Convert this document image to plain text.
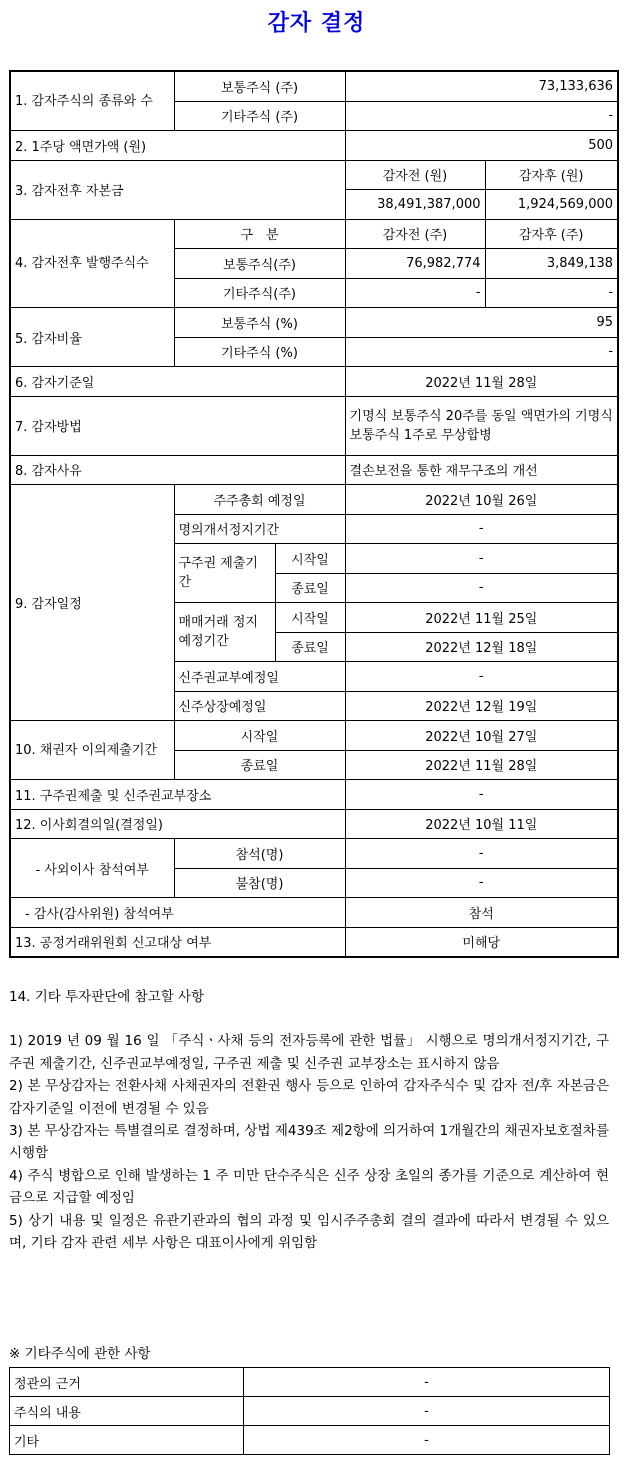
감자 결정
1. 감자주식의 종류와 수	보통주식 (주)		73,133,636	
	기타주식 (주)		-	
2. 1주당 액면가액 (원)			500	
3. 감자전후 자본금			감자전 (원)	감자후 (원)
			38,491,387,000	1,924,569,000
4. 감자전후 발행주식수	구　분		감자전 (주)	감자후 (주)
	보통주식(주)		76,982,774	3,849,138
	기타주식(주)		-	-
5. 감자비율	보통주식 (%)		95	
	기타주식 (%)		-	
6. 감자기준일			2022년 11월 28일	
7. 감자방법			기명식 보통주식 20주를 동일 액면가의 기명식 보통주식 1주로 무상합병	
8. 감자사유			결손보전을 통한 재무구조의 개선	
9. 감자일정	주주총회 예정일		2022년 10월 26일	
	명의개서정지기간		-	
	구주권 제출기간	시작일	-	
		종료일	-	
	매매거래 정지예정기간	시작일	2022년 11월 25일	
		종료일	2022년 12월 18일	
	신주권교부예정일		-	
	신주상장예정일		2022년 12월 19일	
10. 채권자 이의제출기간	시작일		2022년 10월 27일	
	종료일		2022년 11월 28일	
11. 구주권제출 및 신주권교부장소			-	
12. 이사회결의일(결정일)			2022년 10월 11일	
- 사외이사 참석여부	참석(명)		-	
	불참(명)		-	
- 감사(감사위원) 참석여부			참석	
13. 공정거래위원회 신고대상 여부			미해당	

14. 기타 투자판단에 참고할 사항

1) 2019 년 09 월 16 일 「주식ㆍ사채 등의 전자등록에 관한 법률」 시행으로 명의개서정지기간, 구주권 제출기간, 신주권교부예정일, 구주권 제출 및 신주권 교부장소는 표시하지 않음

2) 본 무상감자는 전환사채 사채권자의 전환권 행사 등으로 인하여 감자주식수 및 감자 전/후 자본금은 감자기준일 이전에 변경될 수 있음

3) 본 무상감자는 특별결의로 결정하며, 상법 제439조 제2항에 의거하여 1개월간의 채권자보호절차를 시행함

4) 주식 병합으로 인해 발생하는 1 주 미만 단수주식은 신주 상장 초일의 종가를 기준으로 계산하여 현금으로 지급할 예정임

5) 상기 내용 및 일정은 유관기관과의 협의 과정 및 임시주주총회 결의 결과에 따라서 변경될 수 있으며, 기타 감자 관련 세부 사항은 대표이사에게 위임함

※ 기타주식에 관한 사항
정관의 근거	-
주식의 내용	-
기타	-
